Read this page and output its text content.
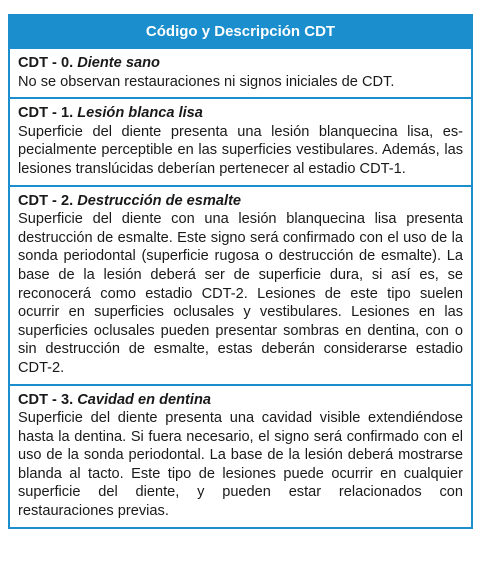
Código y Descripción CDT
CDT - 0. Diente sano
No se observan restauraciones ni signos iniciales de CDT.
CDT - 1. Lesión blanca lisa
Superficie del diente presenta una lesión blanquecina lisa, especialmente perceptible en las superficies vestibulares. Además, las lesiones translúcidas deberían pertenecer al estadio CDT-1.
CDT - 2. Destrucción de esmalte
Superficie del diente con una lesión blanquecina lisa presenta destrucción de esmalte. Este signo será confirmado con el uso de la sonda periodontal (superficie rugosa o destrucción de esmalte). La base de la lesión deberá ser de superficie dura, si así es, se reconocerá como estadio CDT-2. Lesiones de este tipo suelen ocurrir en superficies oclusales y vestibulares. Lesiones en las superficies oclusales pueden presentar sombras en dentina, con o sin destrucción de esmalte, estas deberán considerarse estadio CDT-2.
CDT - 3. Cavidad en dentina
Superficie del diente presenta una cavidad visible extendiéndose hasta la dentina. Si fuera necesario, el signo será confirmado con el uso de la sonda periodontal. La base de la lesión deberá mostrarse blanda al tacto. Este tipo de lesiones puede ocurrir en cualquier superficie del diente, y pueden estar relacionados con restauraciones previas.
